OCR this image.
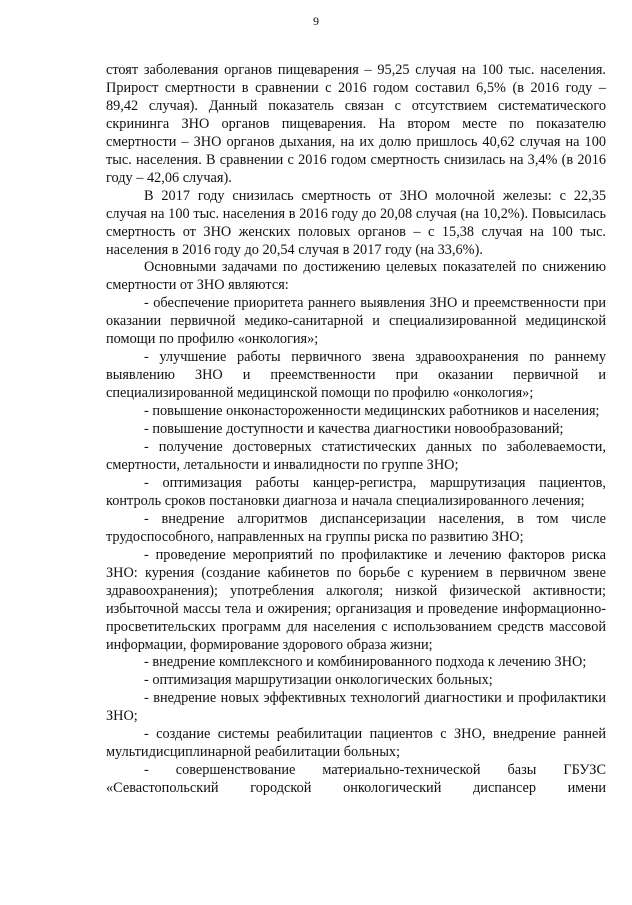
9

стоят заболевания органов пищеварения – 95,25 случая на 100 тыс. населения. Прирост смертности в сравнении с 2016 годом составил 6,5% (в 2016 году – 89,42 случая). Данный показатель связан с отсутствием систематического скрининга ЗНО органов пищеварения. На втором месте по показателю смертности – ЗНО органов дыхания, на их долю пришлось 40,62 случая на 100 тыс. населения. В сравнении с 2016 годом смертность снизилась на 3,4% (в 2016 году – 42,06 случая).

В 2017 году снизилась смертность от ЗНО молочной железы: с 22,35 случая на 100 тыс. населения в 2016 году до 20,08 случая (на 10,2%). Повысилась смертность от ЗНО женских половых органов – с 15,38 случая на 100 тыс. населения в 2016 году до 20,54 случая в 2017 году (на 33,6%).

Основными задачами по достижению целевых показателей по снижению смертности от ЗНО являются:

- обеспечение приоритета раннего выявления ЗНО и преемственности при оказании первичной медико-санитарной и специализированной медицинской помощи по профилю «онкология»;

- улучшение работы первичного звена здравоохранения по раннему выявлению ЗНО и преемственности при оказании первичной и специализированной медицинской помощи по профилю «онкология»;

- повышение онконастороженности медицинских работников и населения;

- повышение доступности и качества диагностики новообразований;

- получение достоверных статистических данных по заболеваемости, смертности, летальности и инвалидности по группе ЗНО;

- оптимизация работы канцер-регистра, маршрутизация пациентов, контроль сроков постановки диагноза и начала специализированного лечения;

- внедрение алгоритмов диспансеризации населения, в том числе трудоспособного, направленных на группы риска по развитию ЗНО;

- проведение мероприятий по профилактике и лечению факторов риска ЗНО: курения (создание кабинетов по борьбе с курением в первичном звене здравоохранения); употребления алкоголя; низкой физической активности; избыточной массы тела и ожирения; организация и проведение информационно-просветительских программ для населения с использованием средств массовой информации, формирование здорового образа жизни;

- внедрение комплексного и комбинированного подхода к лечению ЗНО;

- оптимизация маршрутизации онкологических больных;

- внедрение новых эффективных технологий диагностики и профилактики ЗНО;

- создание системы реабилитации пациентов с ЗНО, внедрение ранней мультидисциплинарной реабилитации больных;

- совершенствование материально-технической базы ГБУЗС «Севастопольский городской онкологический диспансер имени
